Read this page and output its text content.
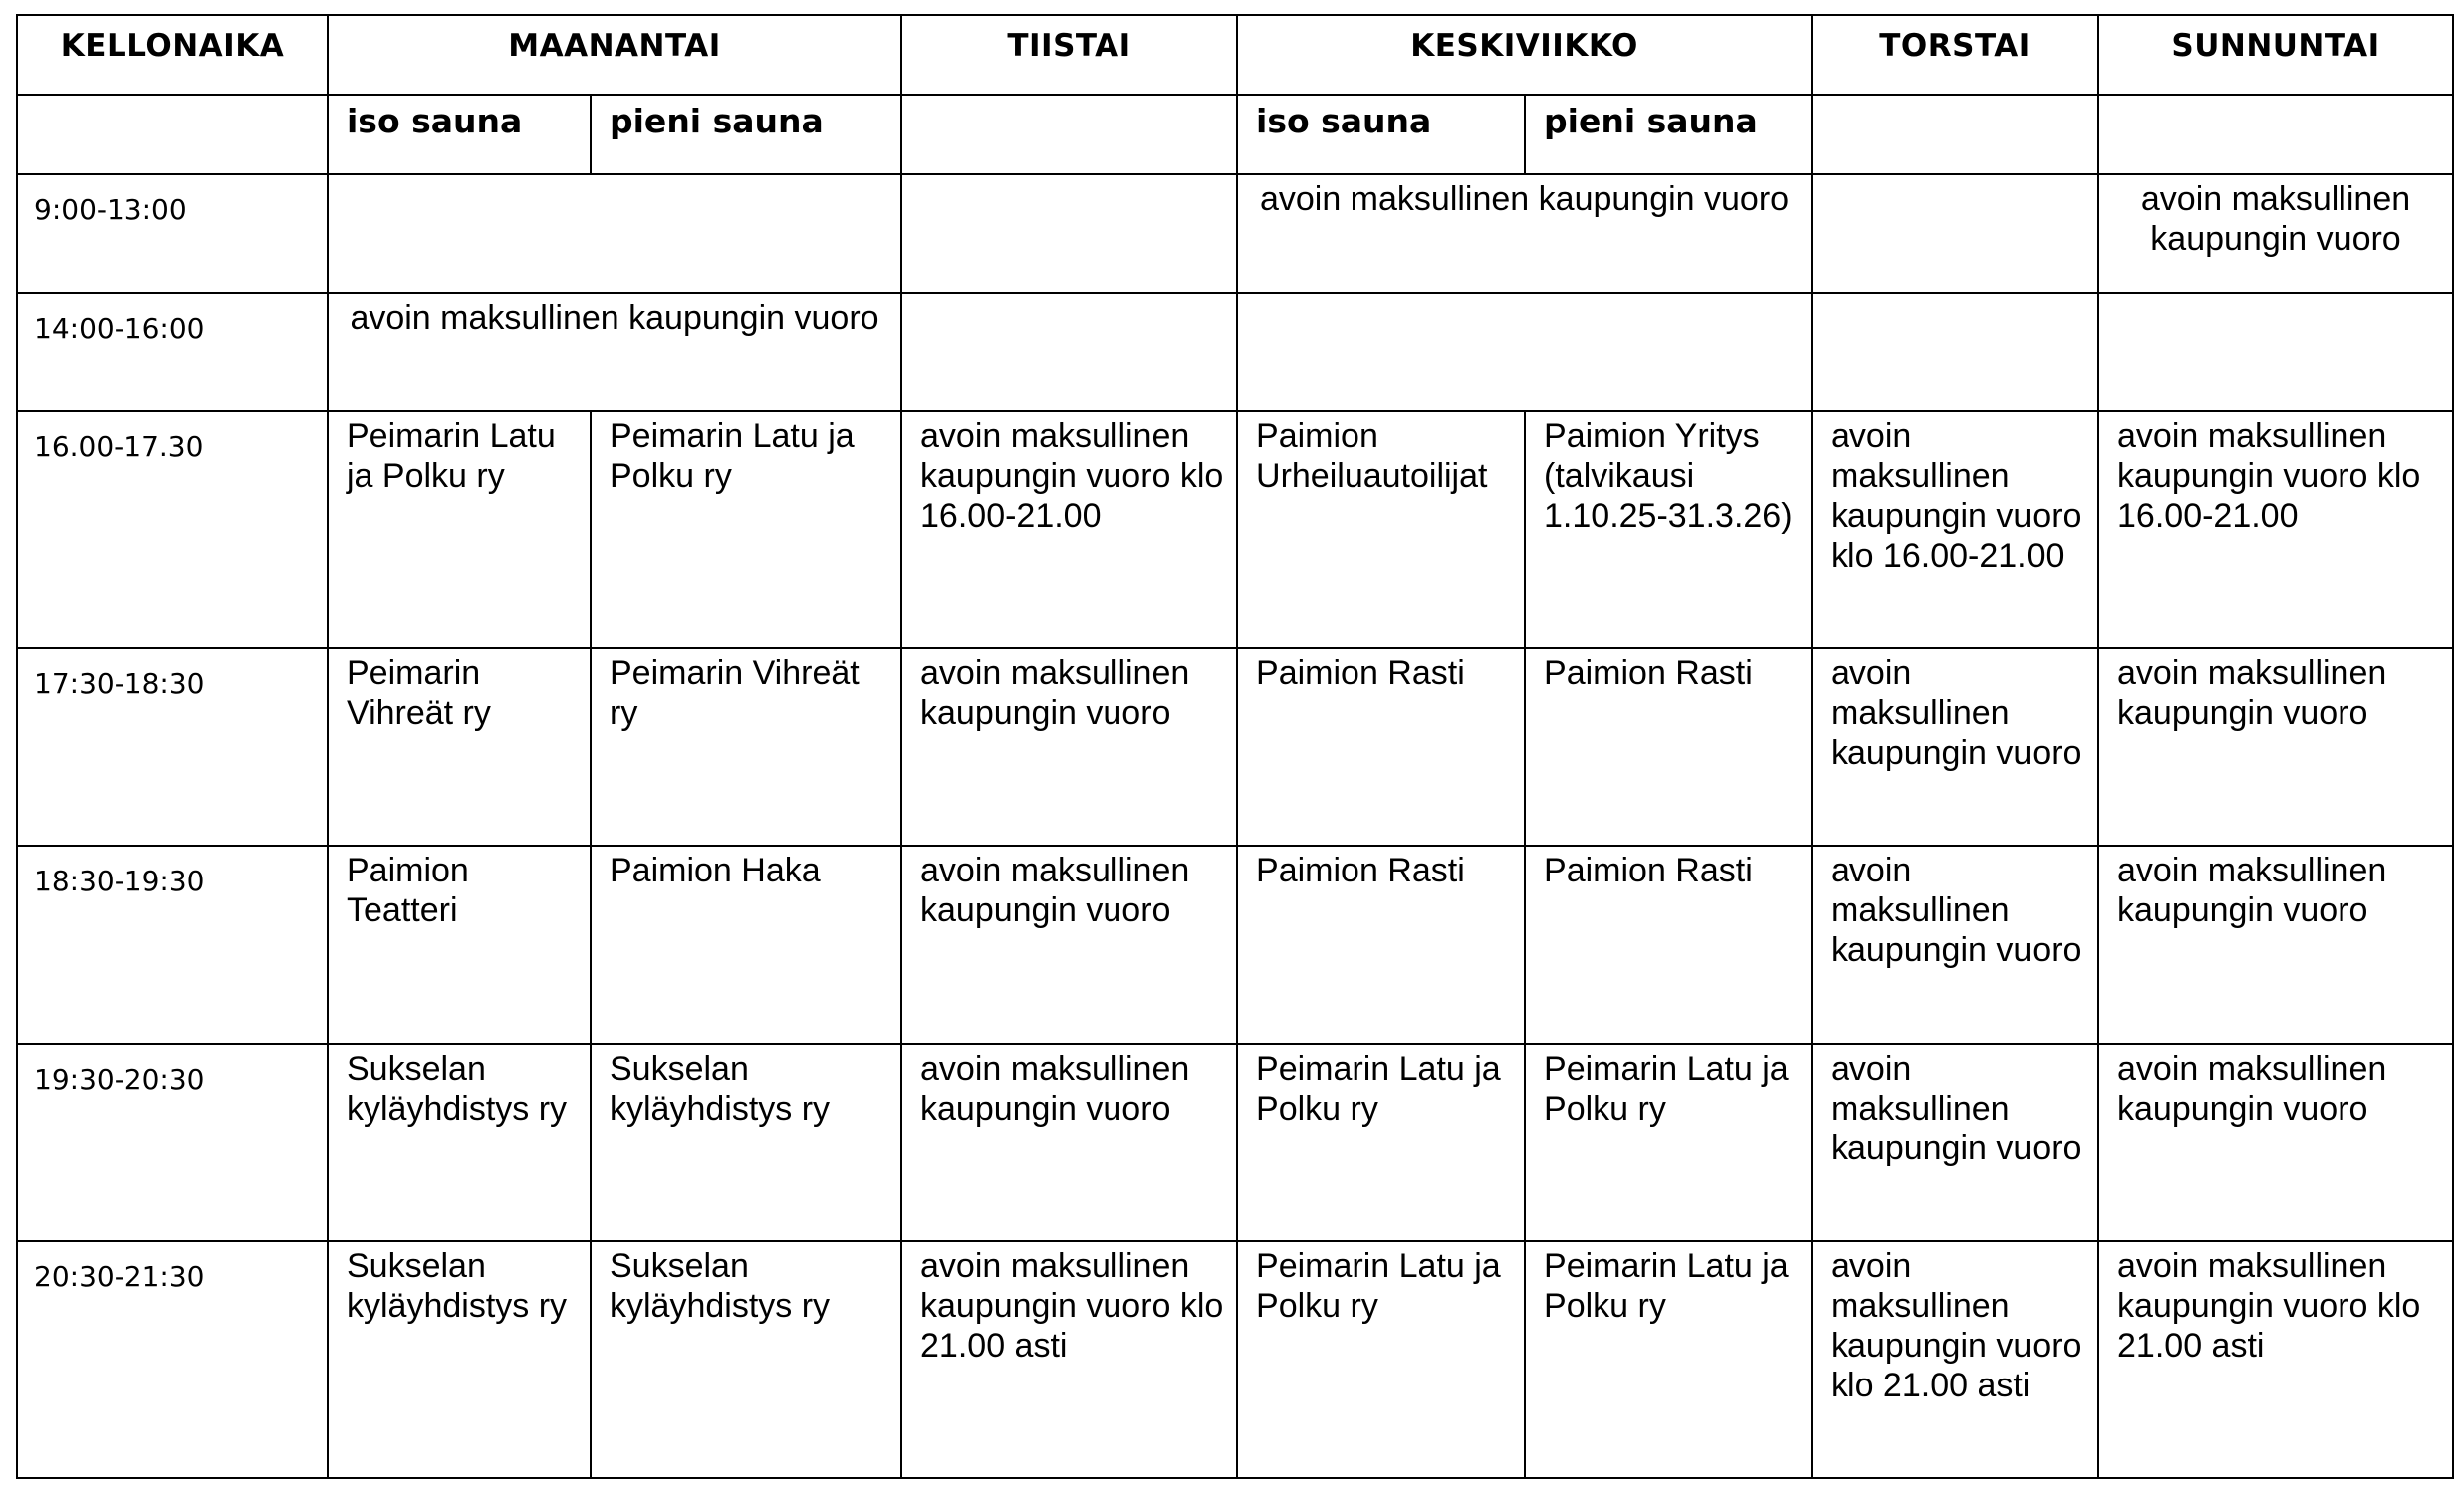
KELLONAIKA	MAANANTAI		TIISTAI	KESKIVIIKKO		TORSTAI	SUNNUNTAI
	iso sauna	pieni sauna		iso sauna	pieni sauna		
9:00-13:00				avoin maksullinen kaupungin vuoro			avoin maksullinen kaupungin vuoro
14:00-16:00	avoin maksullinen kaupungin vuoro						
16.00-17.30	Peimarin Latu ja Polku ry	Peimarin Latu ja Polku ry	avoin maksullinen kaupungin vuoro klo 16.00-21.00	Paimion Urheiluautoilijat	Paimion Yritys (talvikausi 1.10.25-31.3.26)	avoin maksullinen kaupungin vuoro klo 16.00-21.00	avoin maksullinen kaupungin vuoro klo 16.00-21.00
17:30-18:30	Peimarin Vihreät ry	Peimarin Vihreät ry	avoin maksullinen kaupungin vuoro	Paimion Rasti	Paimion Rasti	avoin maksullinen kaupungin vuoro	avoin maksullinen kaupungin vuoro
18:30-19:30	Paimion Teatteri	Paimion Haka	avoin maksullinen kaupungin vuoro	Paimion Rasti	Paimion Rasti	avoin maksullinen kaupungin vuoro	avoin maksullinen kaupungin vuoro
19:30-20:30	Sukselan kyläyhdistys ry	Sukselan kyläyhdistys ry	avoin maksullinen kaupungin vuoro	Peimarin Latu ja Polku ry	Peimarin Latu ja Polku ry	avoin maksullinen kaupungin vuoro	avoin maksullinen kaupungin vuoro
20:30-21:30	Sukselan kyläyhdistys ry	Sukselan kyläyhdistys ry	avoin maksullinen kaupungin vuoro klo 21.00 asti	Peimarin Latu ja Polku ry	Peimarin Latu ja Polku ry	avoin maksullinen kaupungin vuoro klo 21.00 asti	avoin maksullinen kaupungin vuoro klo 21.00 asti
